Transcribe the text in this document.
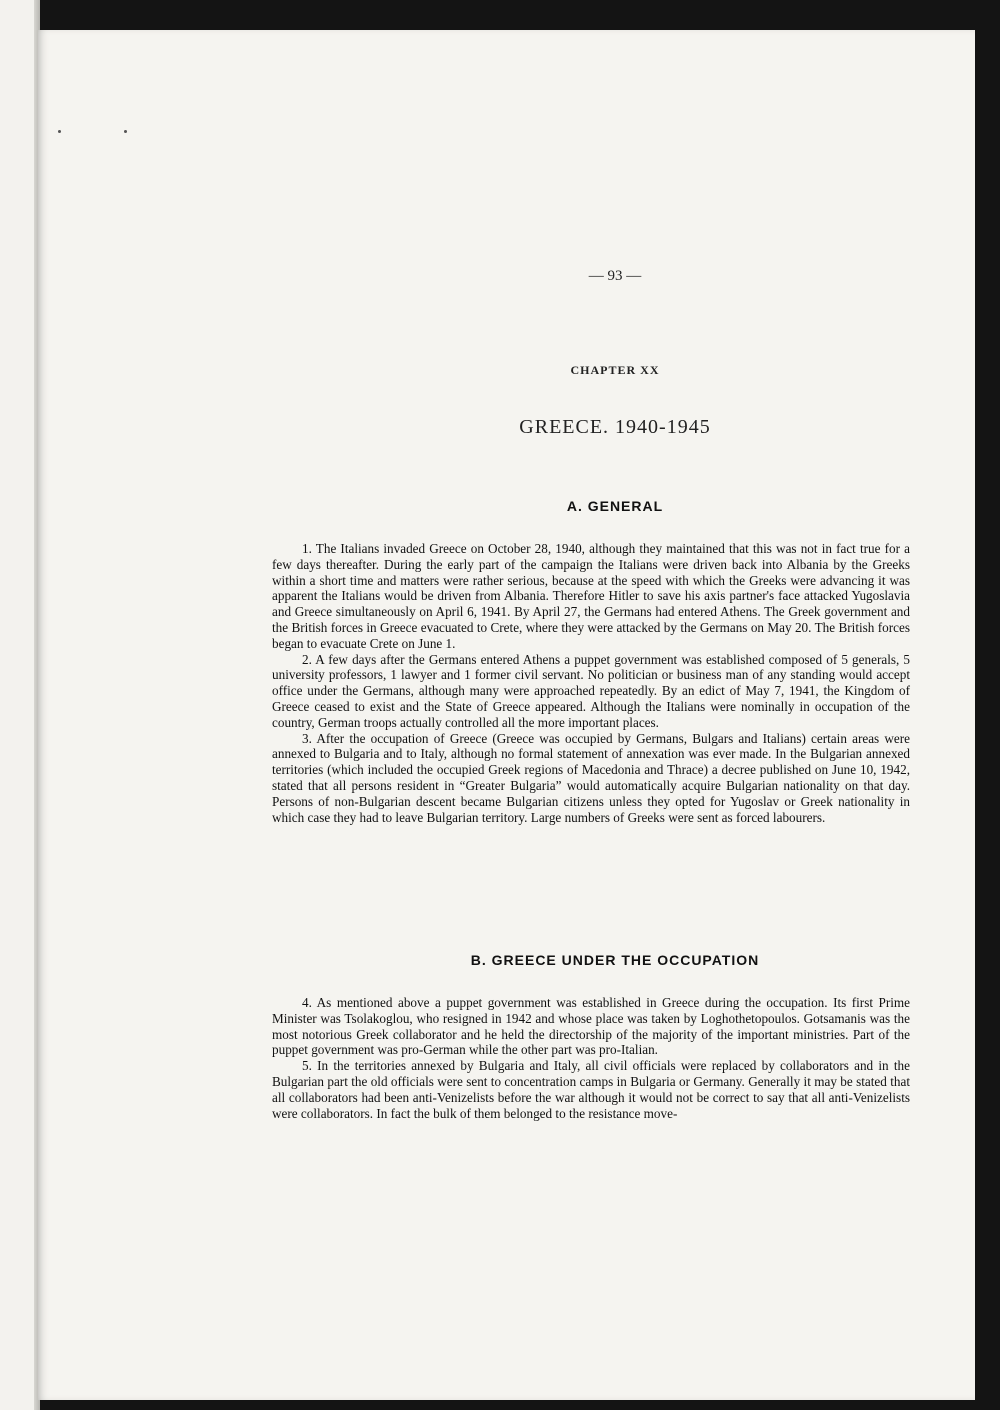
— 93 —
CHAPTER XX
GREECE. 1940-1945
A. GENERAL

1. The Italians invaded Greece on October 28, 1940, although they maintained that this was not in fact true for a few days thereafter. During the early part of the campaign the Italians were driven back into Albania by the Greeks within a short time and matters were rather serious, because at the speed with which the Greeks were advancing it was apparent the Italians would be driven from Albania. Therefore Hitler to save his axis partner's face attacked Yugoslavia and Greece simultaneously on April 6, 1941. By April 27, the Germans had entered Athens. The Greek government and the British forces in Greece evacuated to Crete, where they were attacked by the Germans on May 20. The British forces began to evacuate Crete on June 1.

2. A few days after the Germans entered Athens a puppet government was established composed of 5 generals, 5 university professors, 1 lawyer and 1 former civil servant. No politician or business man of any standing would accept office under the Germans, although many were approached repeatedly. By an edict of May 7, 1941, the Kingdom of Greece ceased to exist and the State of Greece appeared. Although the Italians were nominally in occupation of the country, German troops actually controlled all the more important places.

3. After the occupation of Greece (Greece was occupied by Germans, Bulgars and Italians) certain areas were annexed to Bulgaria and to Italy, although no formal statement of annexation was ever made. In the Bulgarian annexed territories (which included the occupied Greek regions of Macedonia and Thrace) a decree published on June 10, 1942, stated that all persons resident in “Greater Bulgaria” would automatically acquire Bulgarian nationality on that day. Persons of non-Bulgarian descent became Bulgarian citizens unless they opted for Yugoslav or Greek nationality in which case they had to leave Bulgarian territory. Large numbers of Greeks were sent as forced labourers.

B. GREECE UNDER THE OCCUPATION

4. As mentioned above a puppet government was established in Greece during the occupation. Its first Prime Minister was Tsolakoglou, who resigned in 1942 and whose place was taken by Loghothetopoulos. Gotsamanis was the most notorious Greek collaborator and he held the directorship of the majority of the important ministries. Part of the puppet government was pro-German while the other part was pro-Italian.

5. In the territories annexed by Bulgaria and Italy, all civil officials were replaced by collaborators and in the Bulgarian part the old officials were sent to concentration camps in Bulgaria or Germany. Generally it may be stated that all collaborators had been anti-Venizelists before the war although it would not be correct to say that all anti-Venizelists were collaborators. In fact the bulk of them belonged to the resistance move-
